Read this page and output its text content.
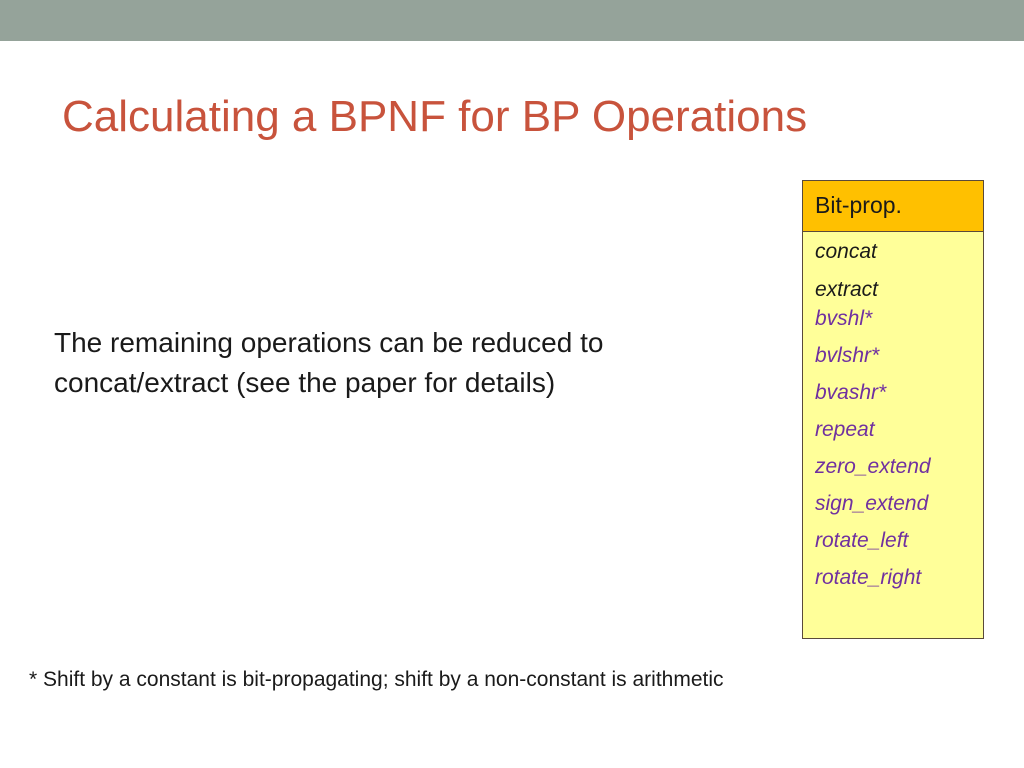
Calculating a BPNF for BP Operations

The remaining operations can be reduced to
concat/extract (see the paper for details)

Bit-prop.
concat
extract
bvshl*
bvlshr*
bvashr*
repeat
zero_extend
sign_extend
rotate_left
rotate_right

* Shift by a constant is bit-propagating; shift by a non-constant is arithmetic
